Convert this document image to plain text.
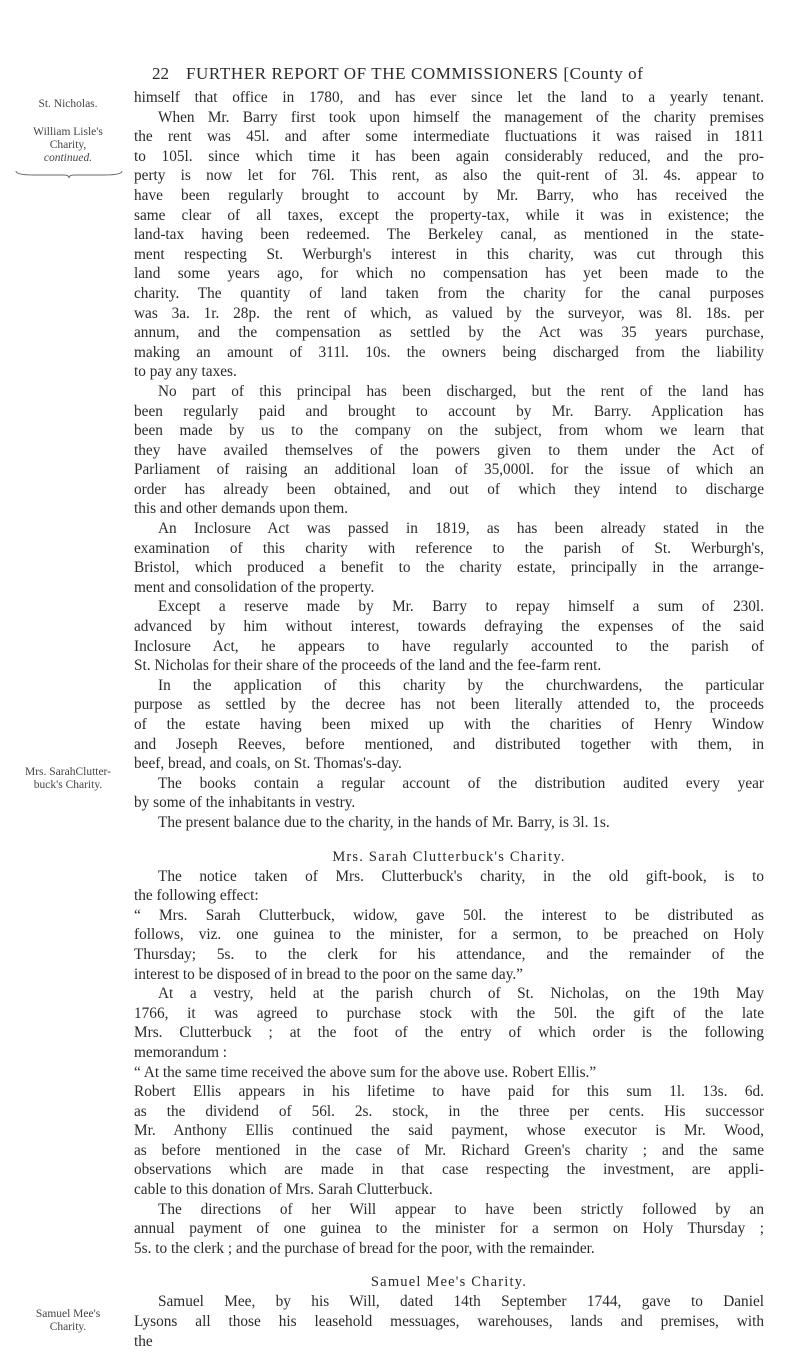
22 FURTHER REPORT OF THE COMMISSIONERS [County of
St. Nicholas.
William Lisle's
Charity,
continued.
Mrs. SarahClutter-
buck's Charity.
Samuel Mee's
Charity.
himself that office in 1780, and has ever since let the land to a yearly tenant.
When Mr. Barry first took upon himself the management of the charity premises
the rent was 45l. and after some intermediate fluctuations it was raised in 1811
to 105l. since which time it has been again considerably reduced, and the pro-
perty is now let for 76l. This rent, as also the quit-rent of 3l. 4s. appear to
have been regularly brought to account by Mr. Barry, who has received the
same clear of all taxes, except the property-tax, while it was in existence; the
land-tax having been redeemed. The Berkeley canal, as mentioned in the state-
ment respecting St. Werburgh's interest in this charity, was cut through this
land some years ago, for which no compensation has yet been made to the
charity. The quantity of land taken from the charity for the canal purposes
was 3a. 1r. 28p. the rent of which, as valued by the surveyor, was 8l. 18s. per
annum, and the compensation as settled by the Act was 35 years purchase,
making an amount of 311l. 10s. the owners being discharged from the liability
to pay any taxes.
No part of this principal has been discharged, but the rent of the land has
been regularly paid and brought to account by Mr. Barry. Application has
been made by us to the company on the subject, from whom we learn that
they have availed themselves of the powers given to them under the Act of
Parliament of raising an additional loan of 35,000l. for the issue of which an
order has already been obtained, and out of which they intend to discharge
this and other demands upon them.
An Inclosure Act was passed in 1819, as has been already stated in the
examination of this charity with reference to the parish of St. Werburgh's,
Bristol, which produced a benefit to the charity estate, principally in the arrange-
ment and consolidation of the property.
Except a reserve made by Mr. Barry to repay himself a sum of 230l.
advanced by him without interest, towards defraying the expenses of the said
Inclosure Act, he appears to have regularly accounted to the parish of
St. Nicholas for their share of the proceeds of the land and the fee-farm rent.
In the application of this charity by the churchwardens, the particular
purpose as settled by the decree has not been literally attended to, the proceeds
of the estate having been mixed up with the charities of Henry Window
and Joseph Reeves, before mentioned, and distributed together with them, in
beef, bread, and coals, on St. Thomas's-day.
The books contain a regular account of the distribution audited every year
by some of the inhabitants in vestry.
The present balance due to the charity, in the hands of Mr. Barry, is 3l. 1s.
Mrs. Sarah Clutterbuck's Charity.
The notice taken of Mrs. Clutterbuck's charity, in the old gift-book, is to
the following effect:
“ Mrs. Sarah Clutterbuck, widow, gave 50l. the interest to be distributed as
follows, viz. one guinea to the minister, for a sermon, to be preached on Holy
Thursday; 5s. to the clerk for his attendance, and the remainder of the
interest to be disposed of in bread to the poor on the same day.”
At a vestry, held at the parish church of St. Nicholas, on the 19th May
1766, it was agreed to purchase stock with the 50l. the gift of the late
Mrs. Clutterbuck ; at the foot of the entry of which order is the following
memorandum :
“ At the same time received the above sum for the above use. Robert Ellis.”
Robert Ellis appears in his lifetime to have paid for this sum 1l. 13s. 6d.
as the dividend of 56l. 2s. stock, in the three per cents. His successor
Mr. Anthony Ellis continued the said payment, whose executor is Mr. Wood,
as before mentioned in the case of Mr. Richard Green's charity ; and the same
observations which are made in that case respecting the investment, are appli-
cable to this donation of Mrs. Sarah Clutterbuck.
The directions of her Will appear to have been strictly followed by an
annual payment of one guinea to the minister for a sermon on Holy Thursday ;
5s. to the clerk ; and the purchase of bread for the poor, with the remainder.
Samuel Mee's Charity.
Samuel Mee, by his Will, dated 14th September 1744, gave to Daniel
Lysons all those his leasehold messuages, warehouses, lands and premises, with
the
